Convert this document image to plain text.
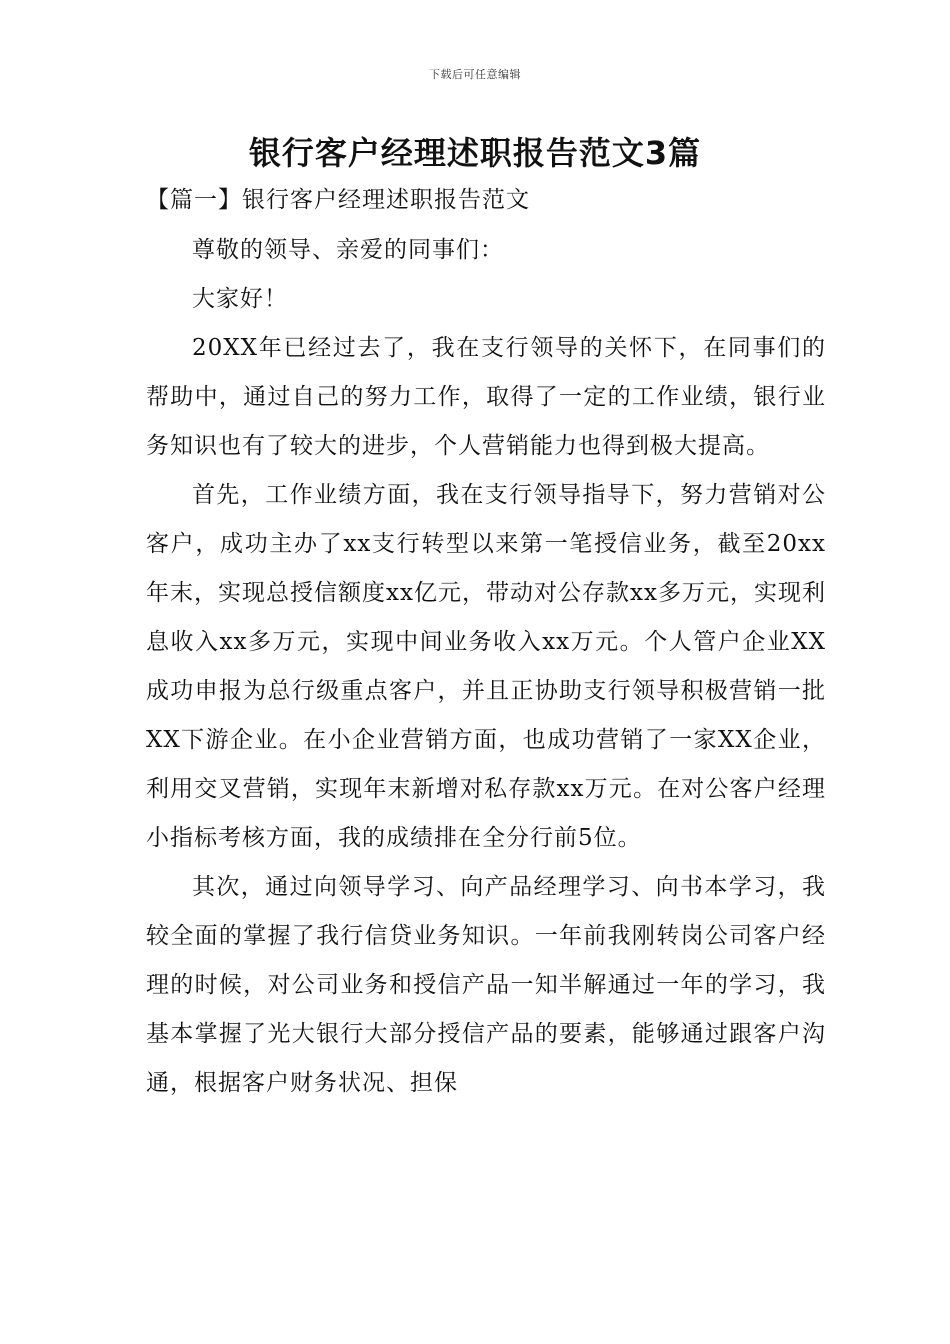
下载后可任意编辑
银行客户经理述职报告范文3篇
【篇一】银行客户经理述职报告范文

尊敬的领导、亲爱的同事们：

大家好！

20XX年已经过去了，我在支行领导的关怀下，在同事们的帮助中，通过自己的努力工作，取得了一定的工作业绩，银行业务知识也有了较大的进步，个人营销能力也得到极大提高。

首先，工作业绩方面，我在支行领导指导下，努力营销对公客户，成功主办了xx支行转型以来第一笔授信业务，截至20xx年末，实现总授信额度xx亿元，带动对公存款xx多万元，实现利息收入xx多万元，实现中间业务收入xx万元。个人管户企业XX成功申报为总行级重点客户，并且正协助支行领导积极营销一批XX下游企业。在小企业营销方面，也成功营销了一家XX企业，利用交叉营销，实现年末新增对私存款xx万元。在对公客户经理小指标考核方面，我的成绩排在全分行前5位。

其次，通过向领导学习、向产品经理学习、向书本学习，我较全面的掌握了我行信贷业务知识。一年前我刚转岗公司客户经理的时候，对公司业务和授信产品一知半解通过一年的学习，我基本掌握了光大银行大部分授信产品的要素，能够通过跟客户沟通，根据客户财务状况、担保
